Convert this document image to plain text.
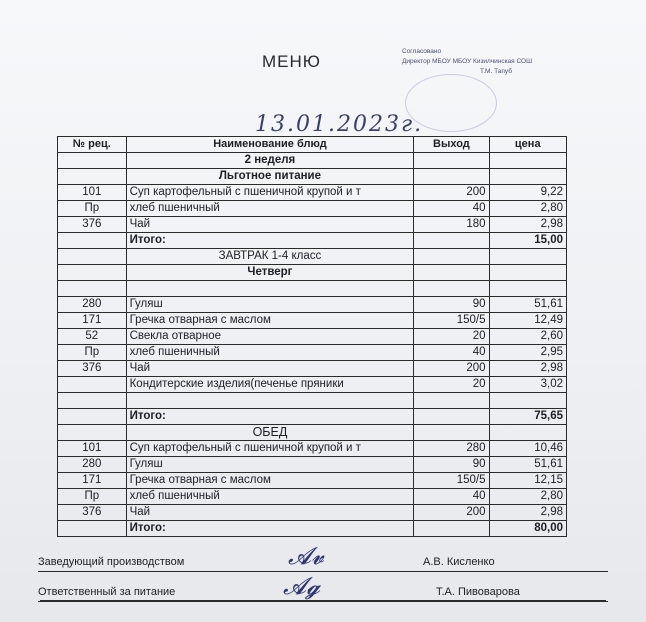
МЕНЮ
Согласовано
Директор МБОУ МБОУ Кизилчинская СОШ
Т.М. Тапуб
13.01.2023г.
№ рец.	Наименование блюд	Выход	цена
	2 неделя		
	Льготное питание		
101	Суп картофельный с пшеничной крупой и т	200	9,22
Пр	хлеб пшеничный	40	2,80
376	Чай	180	2,98
	Итого:		15,00
	ЗАВТРАК 1-4 класс		
	Четверг		

280	Гуляш	90	51,61
171	Гречка отварная с маслом	150/5	12,49
52	Свекла отварное	20	2,60
Пр	хлеб пшеничный	40	2,95
376	Чай	200	2,98
	Кондитерские изделия(печенье пряники	20	3,02

	Итого:		75,65
	ОБЕД		
101	Суп картофельный с пшеничной крупой и т	280	10,46
280	Гуляш	90	51,61
171	Гречка отварная с маслом	150/5	12,15
Пр	хлеб пшеничный	40	2,80
376	Чай	200	2,98
	Итого:		80,00
Заведующий производством	𝓐𝓿	А.В. Кисленко
Ответственный за питание	𝓐𝓰	Т.А. Пивоварова
